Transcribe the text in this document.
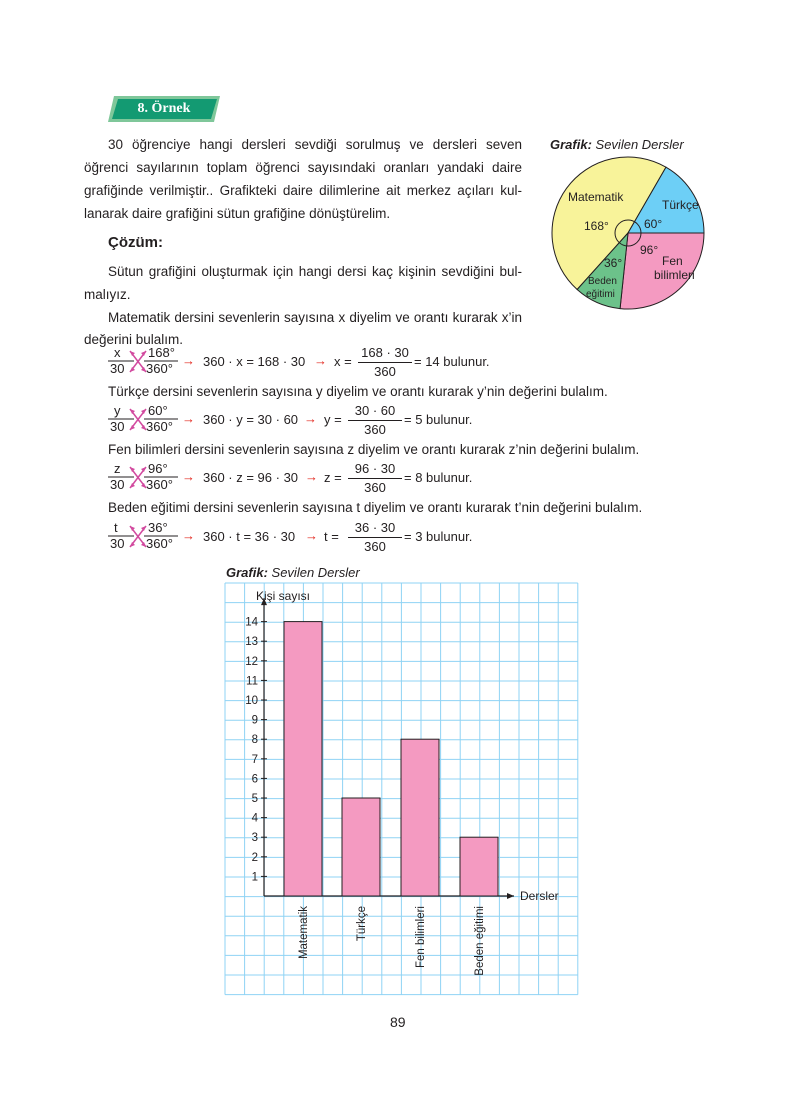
8. Örnek
30 öğrenciye hangi dersleri sevdiği sorulmuş ve dersleri seven
öğrenci sayılarının toplam öğrenci sayısındaki oranları yandaki daire
grafiğinde verilmiştir.. Grafikteki daire dilimlerine ait merkez açıları kul-
lanarak daire grafiğini sütun grafiğine dönüştürelim.
Çözüm:
Sütun grafiğini oluşturmak için hangi dersi kaç kişinin sevdiğini bul-
malıyız.
Matematik dersini sevenlerin sayısına x diyelim ve orantı kurarak x’in
değerini bulalım.
x
30
168°
360°
→ 360 · x = 168 · 30 → x =
168 · 30
360
= 14 bulunur.
Türkçe dersini sevenlerin sayısına y diyelim ve orantı kurarak y’nin değerini bulalım.
y
30
60°
360°
→ 360 · y = 30 · 60 → y =
30 · 60
360
= 5 bulunur.
Fen bilimleri dersini sevenlerin sayısına z diyelim ve orantı kurarak z’nin değerini bulalım.
z
30
96°
360°
→ 360 · z = 96 · 30 → z =
96 · 30
360
= 8 bulunur.
Beden eğitimi dersini sevenlerin sayısına t diyelim ve orantı kurarak t’nin değerini bulalım.
t
30
36°
360°
→ 360 · t = 36 · 30 → t =
36 · 30
360
= 3 bulunur.
Grafik: Sevilen Dersler
Matematik
168°
Türkçe
60°
Fen
bilimleri
96°
Beden
eğitimi
36°
Grafik: Sevilen Dersler
Kişi sayısı
Dersler
1
2
3
4
5
6
7
8
9
10
11
12
13
14
Matematik	Türkçe	Fen bilimleri	Beden eğitimi
89
